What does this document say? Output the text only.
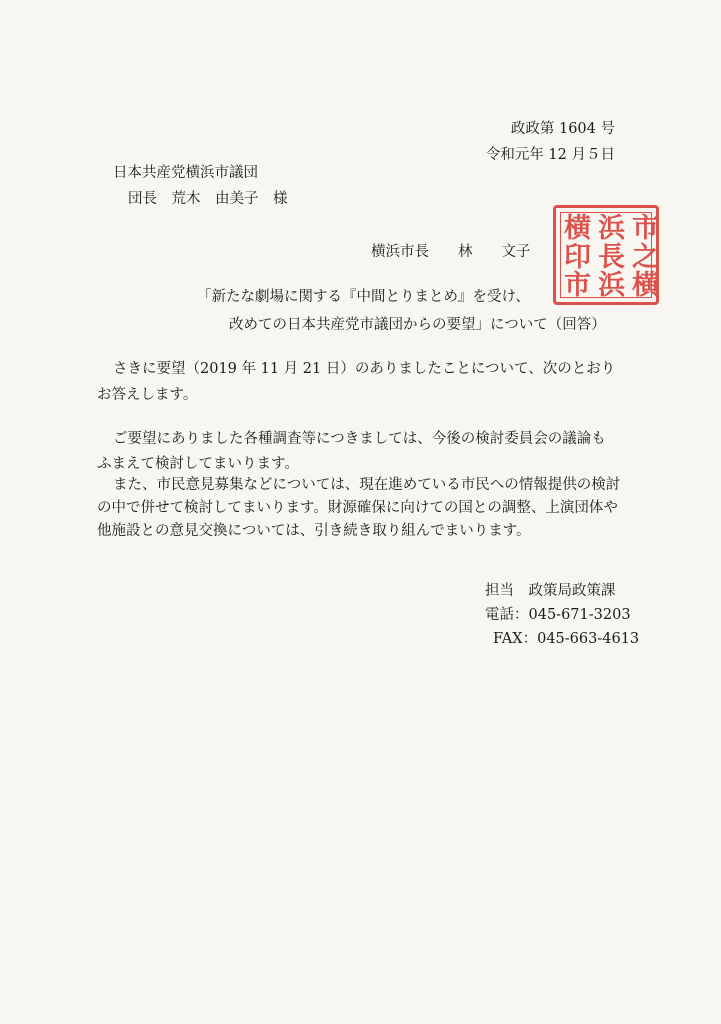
政政第 1604 号
令和元年 12 月５日
日本共産党横浜市議団
団長　荒木　由美子　様
横浜市長　　林　　文子
市
浜
横
之
長
印
横
浜
市
「新たな劇場に関する『中間とりまとめ』を受け、
改めての日本共産党市議団からの要望」について（回答）
さきに要望（2019 年 11 月 21 日）のありましたことについて、次のとおり
お答えします。
ご要望にありました各種調査等につきましては、今後の検討委員会の議論も
ふまえて検討してまいります。
また、市民意見募集などについては、現在進めている市民への情報提供の検討
の中で併せて検討してまいります。財源確保に向けての国との調整、上演団体や
他施設との意見交換については、引き続き取り組んでまいります。
担当　政策局政策課
電話：045-671-3203
FAX：045-663-4613
